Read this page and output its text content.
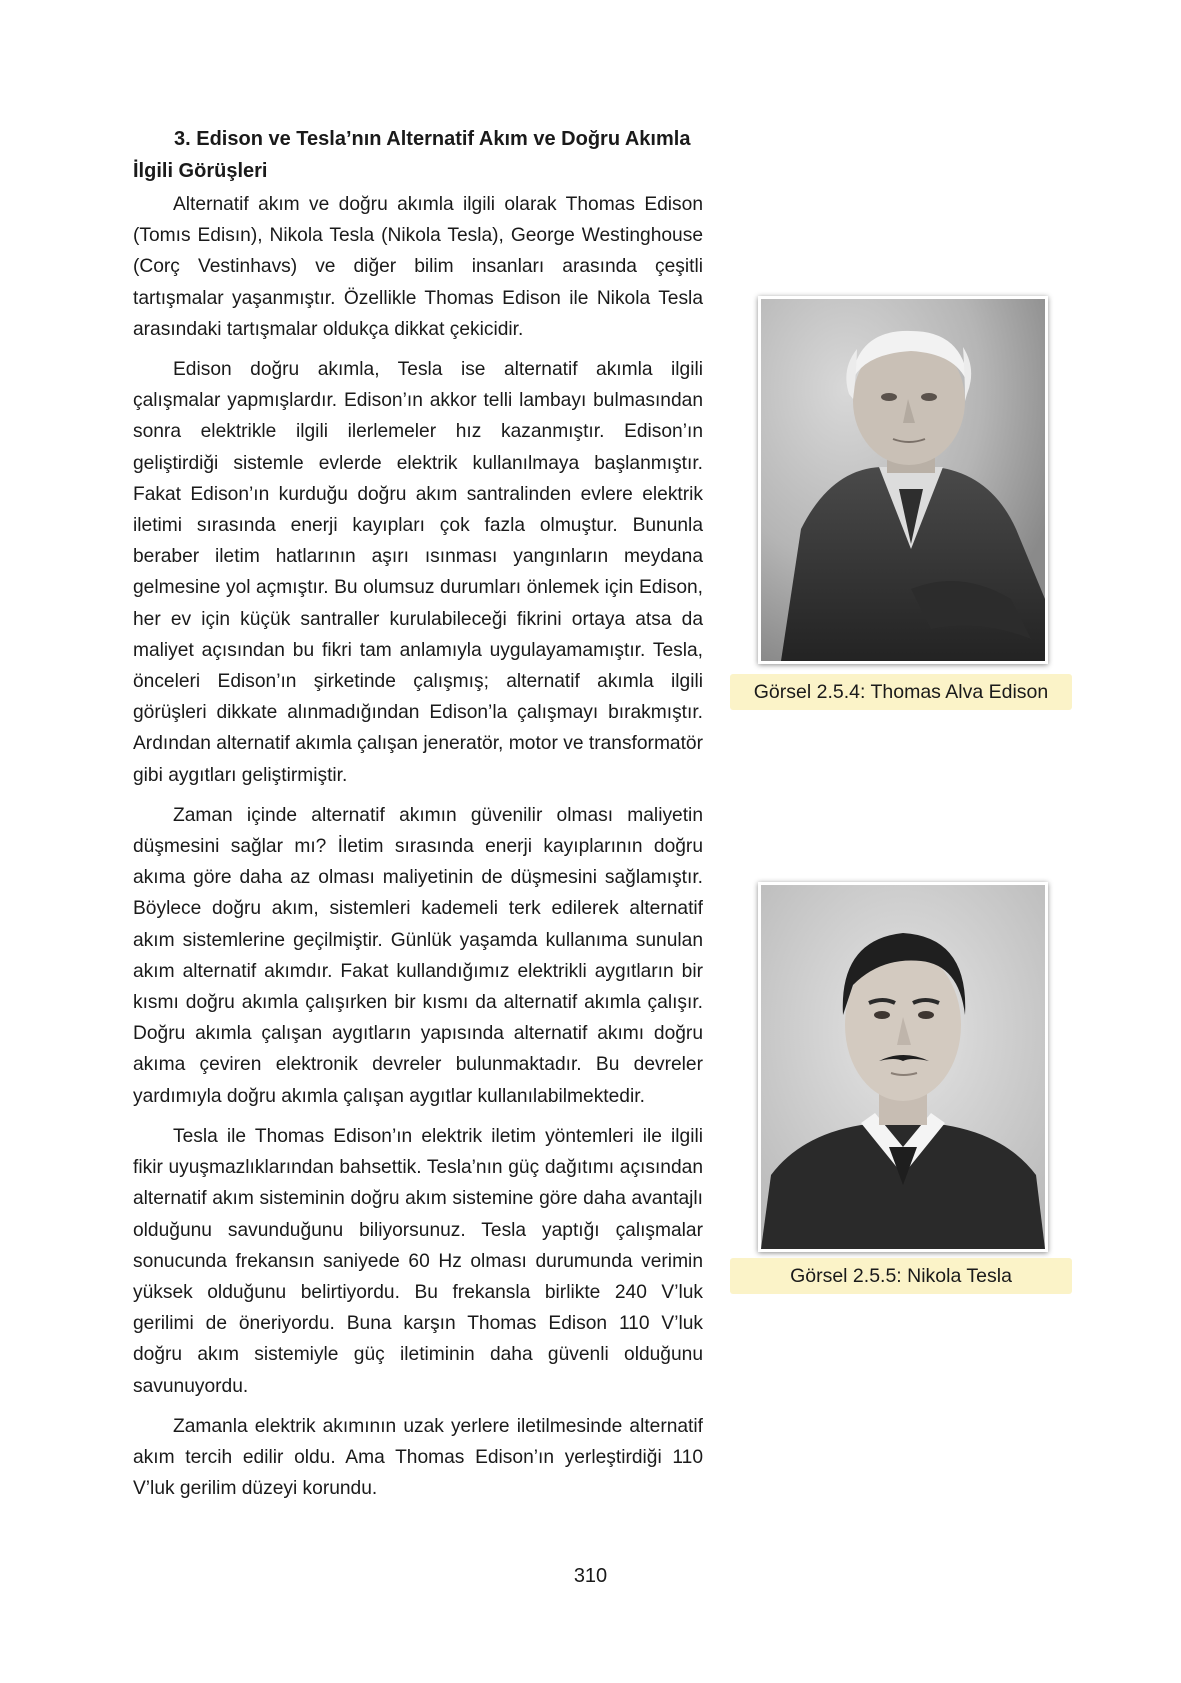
3. Edison ve Tesla’nın Alternatif Akım ve Doğru Akımla
İlgili Görüşleri

Alternatif akım ve doğru akımla ilgili olarak Thomas Edison (Tomıs Edisın), Nikola Tesla (Nikola Tesla), George Westinghouse (Corç Vestinhavs) ve diğer bilim insanları arasında çeşitli tartışmalar yaşanmıştır. Özellikle Thomas Edison ile Nikola Tesla arasındaki tartışmalar oldukça dikkat çekicidir.

Edison doğru akımla, Tesla ise alternatif akımla ilgili çalışmalar yapmışlardır. Edison’ın akkor telli lambayı bulmasından sonra elektrikle ilgili ilerlemeler hız kazanmıştır. Edison’ın geliştirdiği sistemle evlerde elektrik kullanılmaya başlanmıştır. Fakat Edison’ın kurduğu doğru akım santralinden evlere elektrik iletimi sırasında enerji kayıpları çok fazla olmuştur. Bununla beraber iletim hatlarının aşırı ısınması yangınların meydana gelmesine yol açmıştır. Bu olumsuz durumları önlemek için Edison, her ev için küçük santraller kurulabileceği fikrini ortaya atsa da maliyet açısından bu fikri tam anlamıyla uygulayamamıştır. Tesla, önceleri Edison’ın şirketinde çalışmış; alternatif akımla ilgili görüşleri dikkate alınmadığından Edison’la çalışmayı bırakmıştır. Ardından alternatif akımla çalışan jeneratör, motor ve transformatör gibi aygıtları geliştirmiştir.

Zaman içinde alternatif akımın güvenilir olması maliyetin düşmesini sağlar mı? İletim sırasında enerji kayıplarının doğru akıma göre daha az olması maliyetinin de düşmesini sağlamıştır. Böylece doğru akım, sistemleri kademeli terk edilerek alternatif akım sistemlerine geçilmiştir. Günlük yaşamda kullanıma sunulan akım alternatif akımdır. Fakat kullandığımız elektrikli aygıtların bir kısmı doğru akımla çalışırken bir kısmı da alternatif akımla çalışır. Doğru akımla çalışan aygıtların yapısında alternatif akımı doğru akıma çeviren elektronik devreler bulunmaktadır. Bu devreler yardımıyla doğru akımla çalışan aygıtlar kullanılabilmektedir.

Tesla ile Thomas Edison’ın elektrik iletim yöntemleri ile ilgili fikir uyuşmazlıklarından bahsettik. Tesla’nın güç dağıtımı açısından alternatif akım sisteminin doğru akım sistemine göre daha avantajlı olduğunu savunduğunu biliyorsunuz. Tesla yaptığı çalışmalar sonucunda frekansın saniyede 60 Hz olması durumunda verimin yüksek olduğunu belirtiyordu. Bu frekansla birlikte 240 V’luk gerilimi de öneriyordu. Buna karşın Thomas Edison 110 V’luk doğru akım sistemiyle güç iletiminin daha güvenli olduğunu savunuyordu.

Zamanla elektrik akımının uzak yerlere iletilmesinde alternatif akım tercih edilir oldu. Ama Thomas Edison’ın yerleştirdiği 110 V’luk gerilim düzeyi korundu.

Görsel 2.5.4: Thomas Alva Edison
Görsel 2.5.5: Nikola Tesla
310
